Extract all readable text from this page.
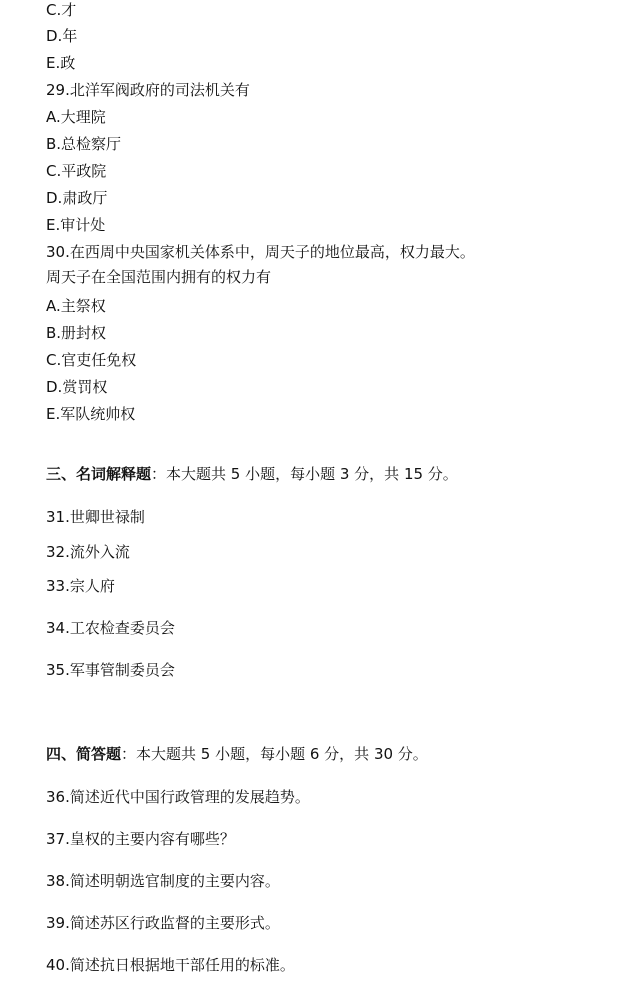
C.才
D.年
E.政
29.北洋军阀政府的司法机关有
A.大理院
B.总检察厅
C.平政院
D.肃政厅
E.审计处
30.在西周中央国家机关体系中，周天子的地位最高，权力最大。
周天子在全国范围内拥有的权力有
A.主祭权
B.册封权
C.官吏任免权
D.赏罚权
E.军队统帅权
三、名词解释题：本大题共 5 小题，每小题 3 分，共 15 分。
31.世卿世禄制
32.流外入流
33.宗人府
34.工农检查委员会
35.军事管制委员会
四、简答题：本大题共 5 小题，每小题 6 分，共 30 分。
36.简述近代中国行政管理的发展趋势。
37.皇权的主要内容有哪些？
38.简述明朝选官制度的主要内容。
39.简述苏区行政监督的主要形式。
40.简述抗日根据地干部任用的标准。
